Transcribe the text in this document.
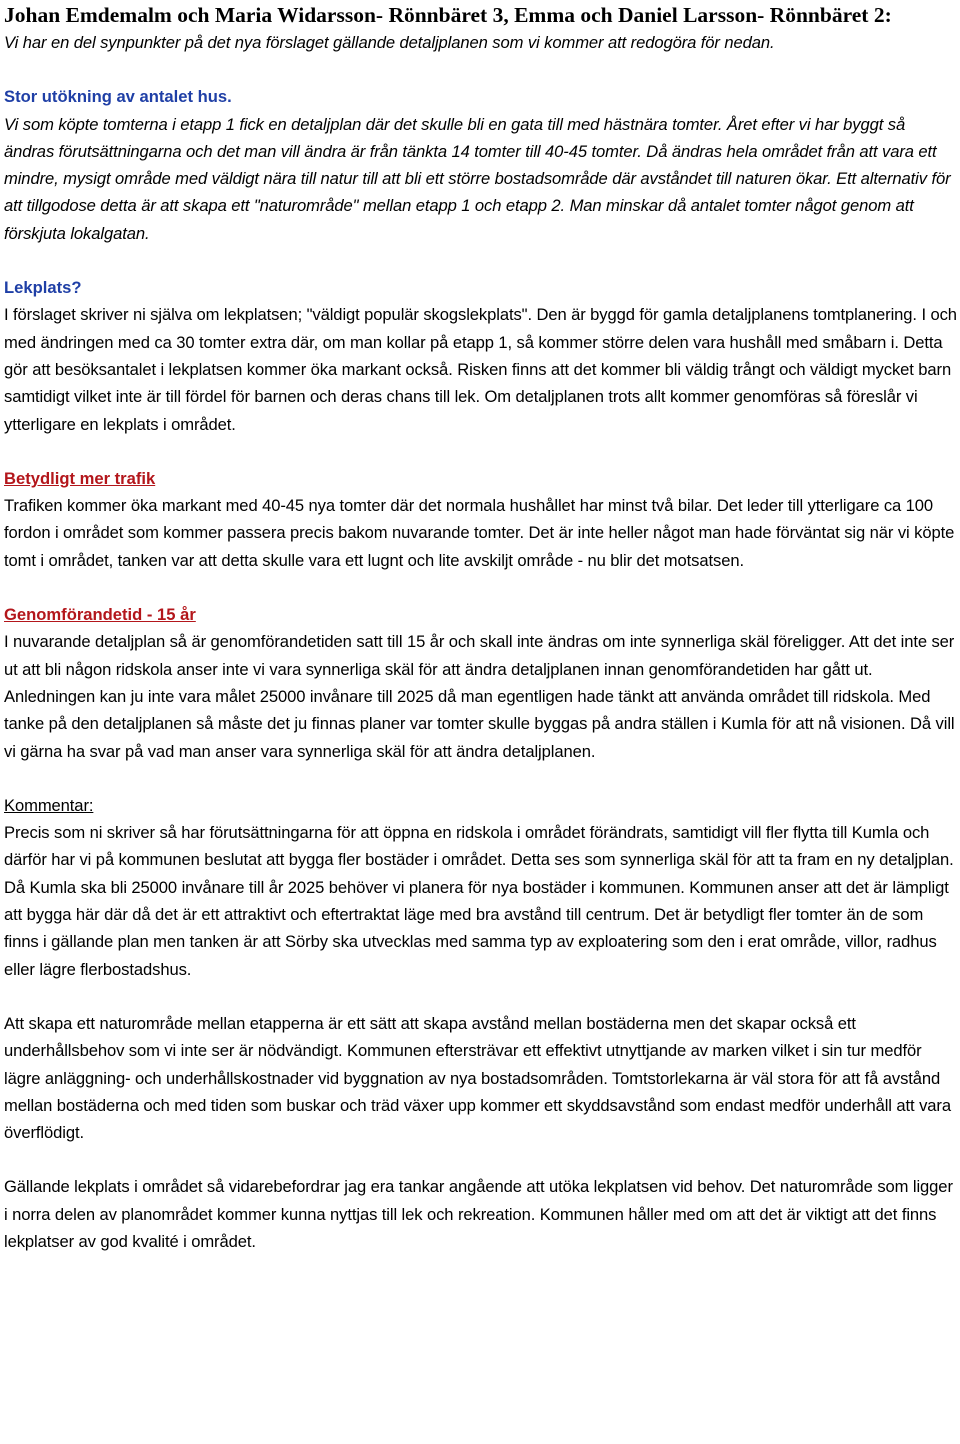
Johan Emdemalm och Maria Widarsson- Rönnbäret 3, Emma och Daniel Larsson- Rönnbäret 2:

Vi har en del synpunkter på det nya förslaget gällande detaljplanen som vi kommer att redogöra för nedan.

Stor utökning av antalet hus.

Vi som köpte tomterna i etapp 1 fick en detaljplan där det skulle bli en gata till med hästnära tomter. Året efter vi har byggt så ändras förutsättningarna och det man vill ändra är från tänkta 14 tomter till 40-45 tomter. Då ändras hela området från att vara ett mindre, mysigt område med väldigt nära till natur till att bli ett större bostadsområde där avståndet till naturen ökar. Ett alternativ för att tillgodose detta är att skapa ett "naturområde" mellan etapp 1 och etapp 2. Man minskar då antalet tomter något genom att förskjuta lokalgatan.

Lekplats?

I förslaget skriver ni själva om lekplatsen; "väldigt populär skogslekplats". Den är byggd för gamla detaljplanens tomtplanering. I och med ändringen med ca 30 tomter extra där, om man kollar på etapp 1, så kommer större delen vara hushåll med småbarn i. Detta gör att besöksantalet i lekplatsen kommer öka markant också. Risken finns att det kommer bli väldig trångt och väldigt mycket barn samtidigt vilket inte är till fördel för barnen och deras chans till lek. Om detaljplanen trots allt kommer genomföras så föreslår vi ytterligare en lekplats i området.

Betydligt mer trafik

Trafiken kommer öka markant med 40-45 nya tomter där det normala hushållet har minst två bilar. Det leder till ytterligare ca 100 fordon i området som kommer passera precis bakom nuvarande tomter. Det är inte heller något man hade förväntat sig när vi köpte tomt i området, tanken var att detta skulle vara ett lugnt och lite avskiljt område - nu blir det motsatsen.

Genomförandetid - 15 år

I nuvarande detaljplan så är genomförandetiden satt till 15 år och skall inte ändras om inte synnerliga skäl föreligger. Att det inte ser ut att bli någon ridskola anser inte vi vara synnerliga skäl för att ändra detaljplanen innan genomförandetiden har gått ut. Anledningen kan ju inte vara målet 25000 invånare till 2025 då man egentligen hade tänkt att använda området till ridskola. Med tanke på den detaljplanen så måste det ju finnas planer var tomter skulle byggas på andra ställen i Kumla för att nå visionen. Då vill vi gärna ha svar på vad man anser vara synnerliga skäl för att ändra detaljplanen.

Kommentar:

Precis som ni skriver så har förutsättningarna för att öppna en ridskola i området förändrats, samtidigt vill fler flytta till Kumla och därför har vi på kommunen beslutat att bygga fler bostäder i området. Detta ses som synnerliga skäl för att ta fram en ny detaljplan. Då Kumla ska bli 25000 invånare till år 2025 behöver vi planera för nya bostäder i kommunen. Kommunen anser att det är lämpligt att bygga här där då det är ett attraktivt och eftertraktat läge med bra avstånd till centrum. Det är betydligt fler tomter än de som finns i gällande plan men tanken är att Sörby ska utvecklas med samma typ av exploatering som den i erat område, villor, radhus eller lägre flerbostadshus.

Att skapa ett naturområde mellan etapperna är ett sätt att skapa avstånd mellan bostäderna men det skapar också ett underhållsbehov som vi inte ser är nödvändigt. Kommunen eftersträvar ett effektivt utnyttjande av marken vilket i sin tur medför lägre anläggning- och underhållskostnader vid byggnation av nya bostadsområden. Tomtstorlekarna är väl stora för att få avstånd mellan bostäderna och med tiden som buskar och träd växer upp kommer ett skyddsavstånd som endast medför underhåll att vara överflödigt.

Gällande lekplats i området så vidarebefordrar jag era tankar angående att utöka lekplatsen vid behov. Det naturområde som ligger i norra delen av planområdet kommer kunna nyttjas till lek och rekreation. Kommunen håller med om att det är viktigt att det finns lekplatser av god kvalité i området.
